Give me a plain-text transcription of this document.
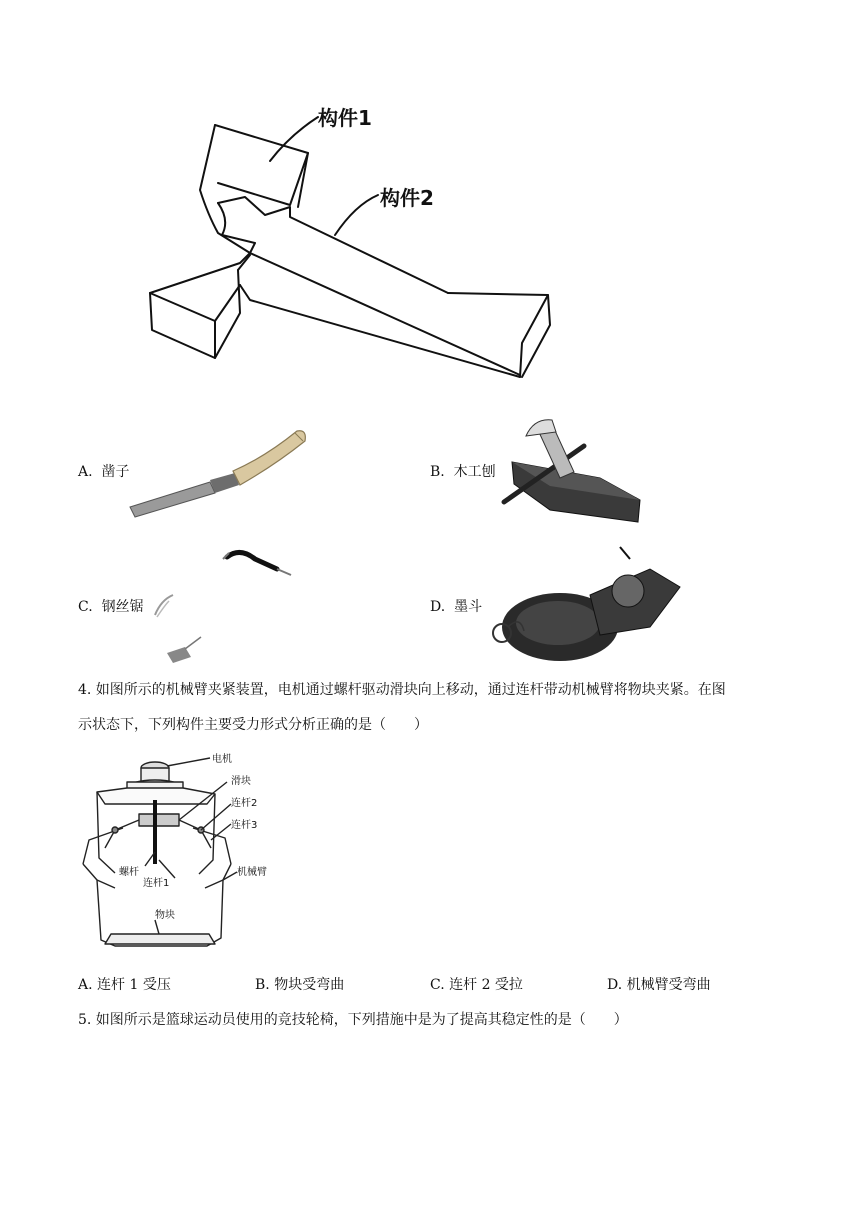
构件1
构件2
A. 凿子	B. 木工刨
C. 钢丝锯	D. 墨斗
4. 如图所示的机械臂夹紧装置，电机通过螺杆驱动滑块向上移动，通过连杆带动机械臂将物块夹紧。在图
示状态下，下列构件主要受力形式分析正确的是（　　）
电机
滑块
连杆2
连杆3
螺杆
连杆1
机械臂
物块
A. 连杆 1 受压	B. 物块受弯曲	C. 连杆 2 受拉	D. 机械臂受弯曲
5. 如图所示是篮球运动员使用的竞技轮椅，下列措施中是为了提高其稳定性的是（　　）
